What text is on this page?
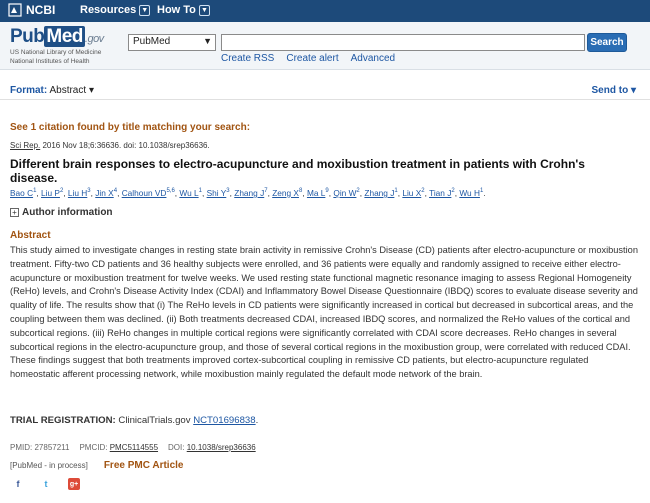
NCBI Resources ▼ How To ▼
Pub Med .gov
US National Library of Medicine
National Institutes of Health
PubMed	▼	Search
Create RSS Create alert Advanced
Format: Abstract ▾	Send to ▾
See 1 citation found by title matching your search:
Sci Rep. 2016 Nov 18;6:36636. doi: 10.1038/srep36636.
Different brain responses to electro-acupuncture and moxibustion treatment in patients with Crohn's disease.
Bao $C^1$, Liu $P^2$, Liu $H^3$, Jin $X^4$, Calhoun VD$^{5,6}$, Wu $L^1$, Shi $Y^3$, Zhang $J^7$, Zeng $X^8$, Ma $L^9$, Qin $W^2$, Zhang $J^1$, Liu $X^2$, Tian $J^2$, Wu $H^1$.
+ Author information
Abstract
This study aimed to investigate changes in resting state brain activity in remissive Crohn's Disease (CD) patients after electro-acupuncture or moxibustion treatment. Fifty-two CD patients and 36 healthy subjects were enrolled, and 36 patients were equally and randomly assigned to receive either electro-acupuncture or moxibustion treatment for twelve weeks. We used resting state functional magnetic resonance imaging to assess Regional Homogeneity (ReHo) levels, and Crohn's Disease Activity Index (CDAI) and Inflammatory Bowel Disease Questionnaire (IBDQ) scores to evaluate disease severity and quality of life. The results show that (i) The ReHo levels in CD patients were significantly increased in cortical but decreased in subcortical areas, and the coupling between them was declined. (ii) Both treatments decreased CDAI, increased IBDQ scores, and normalized the ReHo values of the cortical and subcortical regions. (iii) ReHo changes in multiple cortical regions were significantly correlated with CDAI score decreases. ReHo changes in several subcortical regions in the electro-acupuncture group, and those of several cortical regions in the moxibustion group, were correlated with reduced CDAI. These findings suggest that both treatments improved cortex-subcortical coupling in remissive CD patients, but electro-acupuncture regulated homeostatic afferent processing network, while moxibustion mainly regulated the default mode network of the brain.
TRIAL REGISTRATION: ClinicalTrials.gov NCT01696838.
PMID: 27857211 PMCID: PMC5114555 DOI: 10.1038/srep36636
[PubMed - in process] Free PMC Article
f	t	g+
